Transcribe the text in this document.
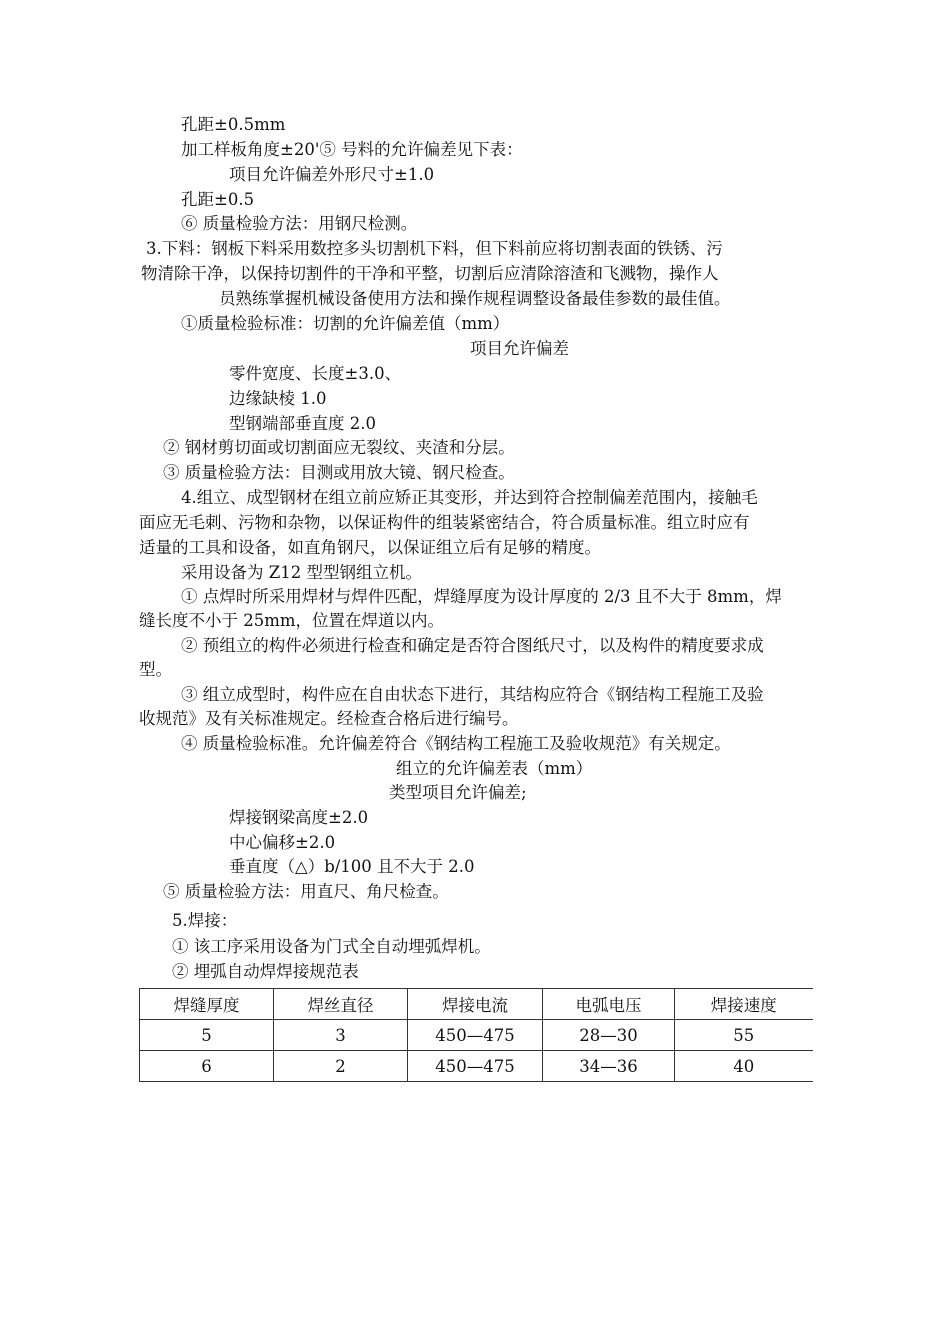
孔距±0.5mm

加工样板角度±20'⑤ 号料的允许偏差见下表：

项目允许偏差外形尺寸±1.0

孔距±0.5

⑥ 质量检验方法：用钢尺检测。

3.下料：钢板下料采用数控多头切割机下料，但下料前应将切割表面的铁锈、污

物清除干净，以保持切割件的干净和平整，切割后应清除溶渣和飞溅物，操作人

员熟练掌握机械设备使用方法和操作规程调整设备最佳参数的最佳值。

①质量检验标准：切割的允许偏差值（mm）

项目允许偏差

零件宽度、长度±3.0、

边缘缺棱 1.0

型钢端部垂直度 2.0

② 钢材剪切面或切割面应无裂纹、夹渣和分层。

③ 质量检验方法：目测或用放大镜、钢尺检查。

4.组立、成型钢材在组立前应矫正其变形，并达到符合控制偏差范围内，接触毛

面应无毛刺、污物和杂物，以保证构件的组装紧密结合，符合质量标准。组立时应有

适量的工具和设备，如直角钢尺，以保证组立后有足够的精度。

采用设备为 Z12 型型钢组立机。

① 点焊时所采用焊材与焊件匹配，焊缝厚度为设计厚度的 2/3 且不大于 8mm，焊

缝长度不小于 25mm，位置在焊道以内。

② 预组立的构件必须进行检查和确定是否符合图纸尺寸，以及构件的精度要求成

型。

③ 组立成型时，构件应在自由状态下进行，其结构应符合《钢结构工程施工及验

收规范》及有关标准规定。经检查合格后进行编号。

④ 质量检验标准。允许偏差符合《钢结构工程施工及验收规范》有关规定。

组立的允许偏差表（mm）

类型项目允许偏差;

焊接钢梁高度±2.0

中心偏移±2.0

垂直度（△）b/100 且不大于 2.0

⑤ 质量检验方法：用直尺、角尺检查。

5.焊接：

① 该工序采用设备为门式全自动埋弧焊机。

② 埋弧自动焊焊接规范表

焊缝厚度	焊丝直径	焊接电流	电弧电压	焊接速度
5	3	450—475	28—30	55
6	2	450—475	34—36	40
